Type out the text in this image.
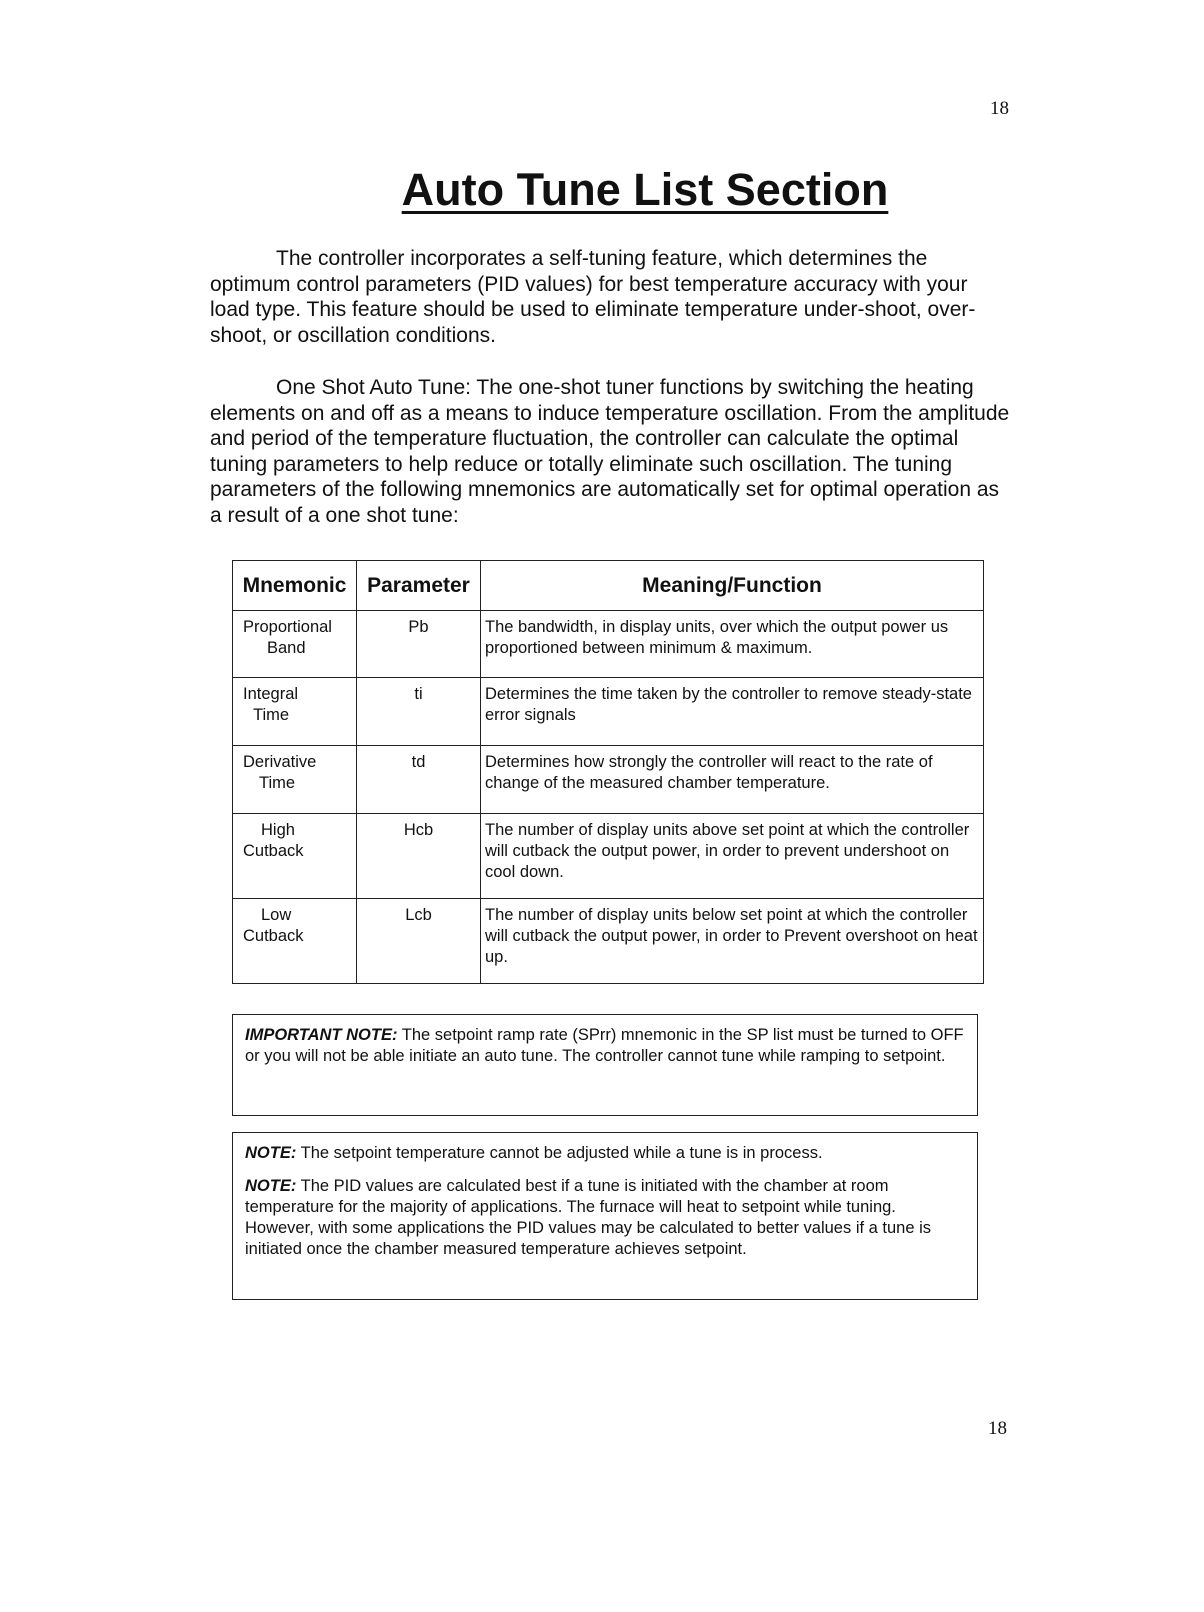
18
Auto Tune List Section

The controller incorporates a self-tuning feature, which determines the optimum control parameters (PID values) for best temperature accuracy with your load type. This feature should be used to eliminate temperature under-shoot, over-shoot, or oscillation conditions.

One Shot Auto Tune: The one-shot tuner functions by switching the heating elements on and off as a means to induce temperature oscillation. From the amplitude and period of the temperature fluctuation, the controller can calculate the optimal tuning parameters to help reduce or totally eliminate such oscillation. The tuning parameters of the following mnemonics are automatically set for optimal operation as a result of a one shot tune:

Mnemonic	Parameter	Meaning/Function

Proportional
Band	Pb	The bandwidth, in display units, over which the output power us proportioned between minimum & maximum.

Integral
Time	ti	Determines the time taken by the controller to remove steady-state error signals

Derivative
Time	td	Determines how strongly the controller will react to the rate of change of the measured chamber temperature.

High
Cutback	Hcb	The number of display units above set point at which the controller will cutback the output power, in order to prevent undershoot on cool down.

Low
Cutback	Lcb	The number of display units below set point at which the controller will cutback the output power, in order to Prevent overshoot on heat up.

IMPORTANT NOTE: The setpoint ramp rate (SPrr) mnemonic in the SP list must be turned to OFF or you will not be able initiate an auto tune. The controller cannot tune while ramping to setpoint.

NOTE: The setpoint temperature cannot be adjusted while a tune is in process.

NOTE: The PID values are calculated best if a tune is initiated with the chamber at room temperature for the majority of applications. The furnace will heat to setpoint while tuning. However, with some applications the PID values may be calculated to better values if a tune is initiated once the chamber measured temperature achieves setpoint.

18
